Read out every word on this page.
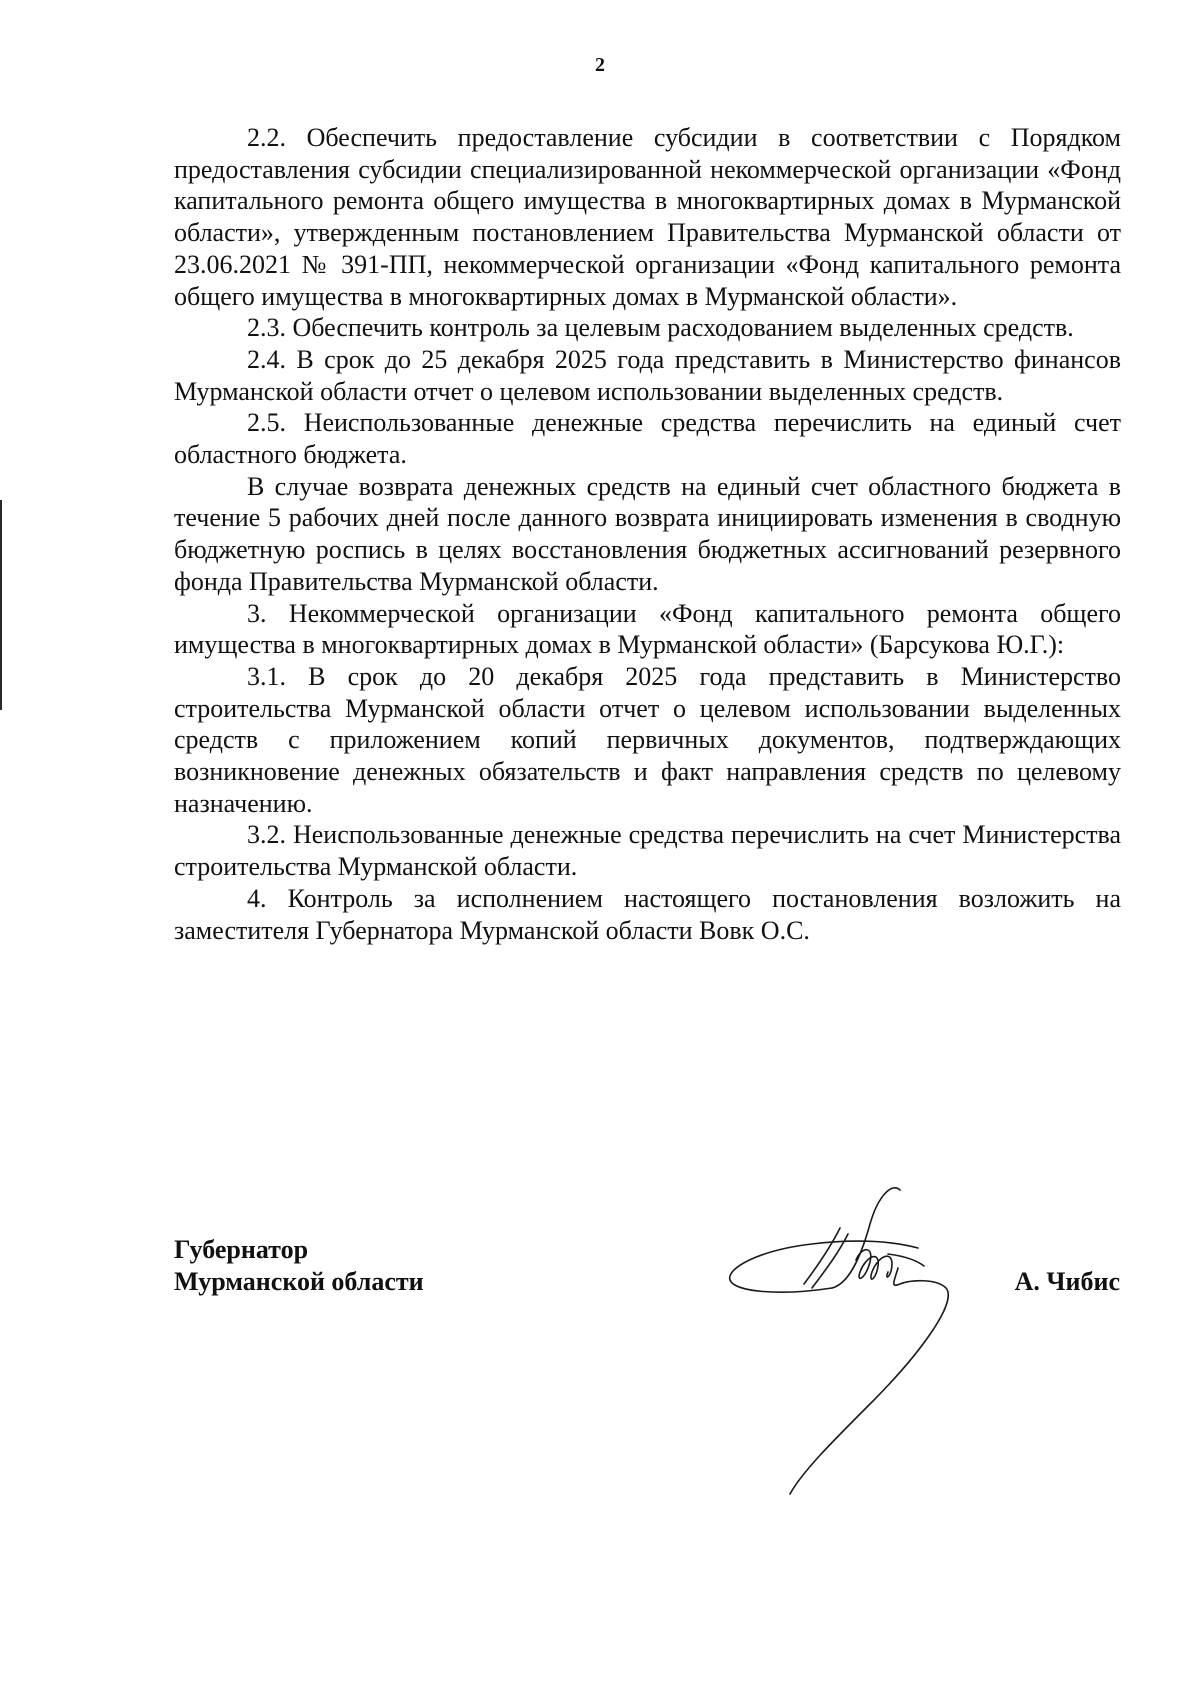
2

2.2. Обеспечить предоставление субсидии в соответствии с Порядком предоставления субсидии специализированной некоммерческой организации «Фонд капитального ремонта общего имущества в многоквартирных домах в Мурманской области», утвержденным постановлением Правительства Мурманской области от 23.06.2021 № 391-ПП, некоммерческой организации «Фонд капитального ремонта общего имущества в многоквартирных домах в Мурманской области».

2.3. Обеспечить контроль за целевым расходованием выделенных средств.

2.4. В срок до 25 декабря 2025 года представить в Министерство финансов Мурманской области отчет о целевом использовании выделенных средств.

2.5. Неиспользованные денежные средства перечислить на единый счет областного бюджета.

В случае возврата денежных средств на единый счет областного бюджета в течение 5 рабочих дней после данного возврата инициировать изменения в сводную бюджетную роспись в целях восстановления бюджетных ассигнований резервного фонда Правительства Мурманской области.

3. Некоммерческой организации «Фонд капитального ремонта общего имущества в многоквартирных домах в Мурманской области» (Барсукова Ю.Г.):

3.1. В срок до 20 декабря 2025 года представить в Министерство строительства Мурманской области отчет о целевом использовании выделенных средств с приложением копий первичных документов, подтверждающих возникновение денежных обязательств и факт направления средств по целевому назначению.

3.2. Неиспользованные денежные средства перечислить на счет Министерства строительства Мурманской области.

4. Контроль за исполнением настоящего постановления возложить на заместителя Губернатора Мурманской области Вовк О.С.

Губернатор
Мурманской области	А. Чибис
